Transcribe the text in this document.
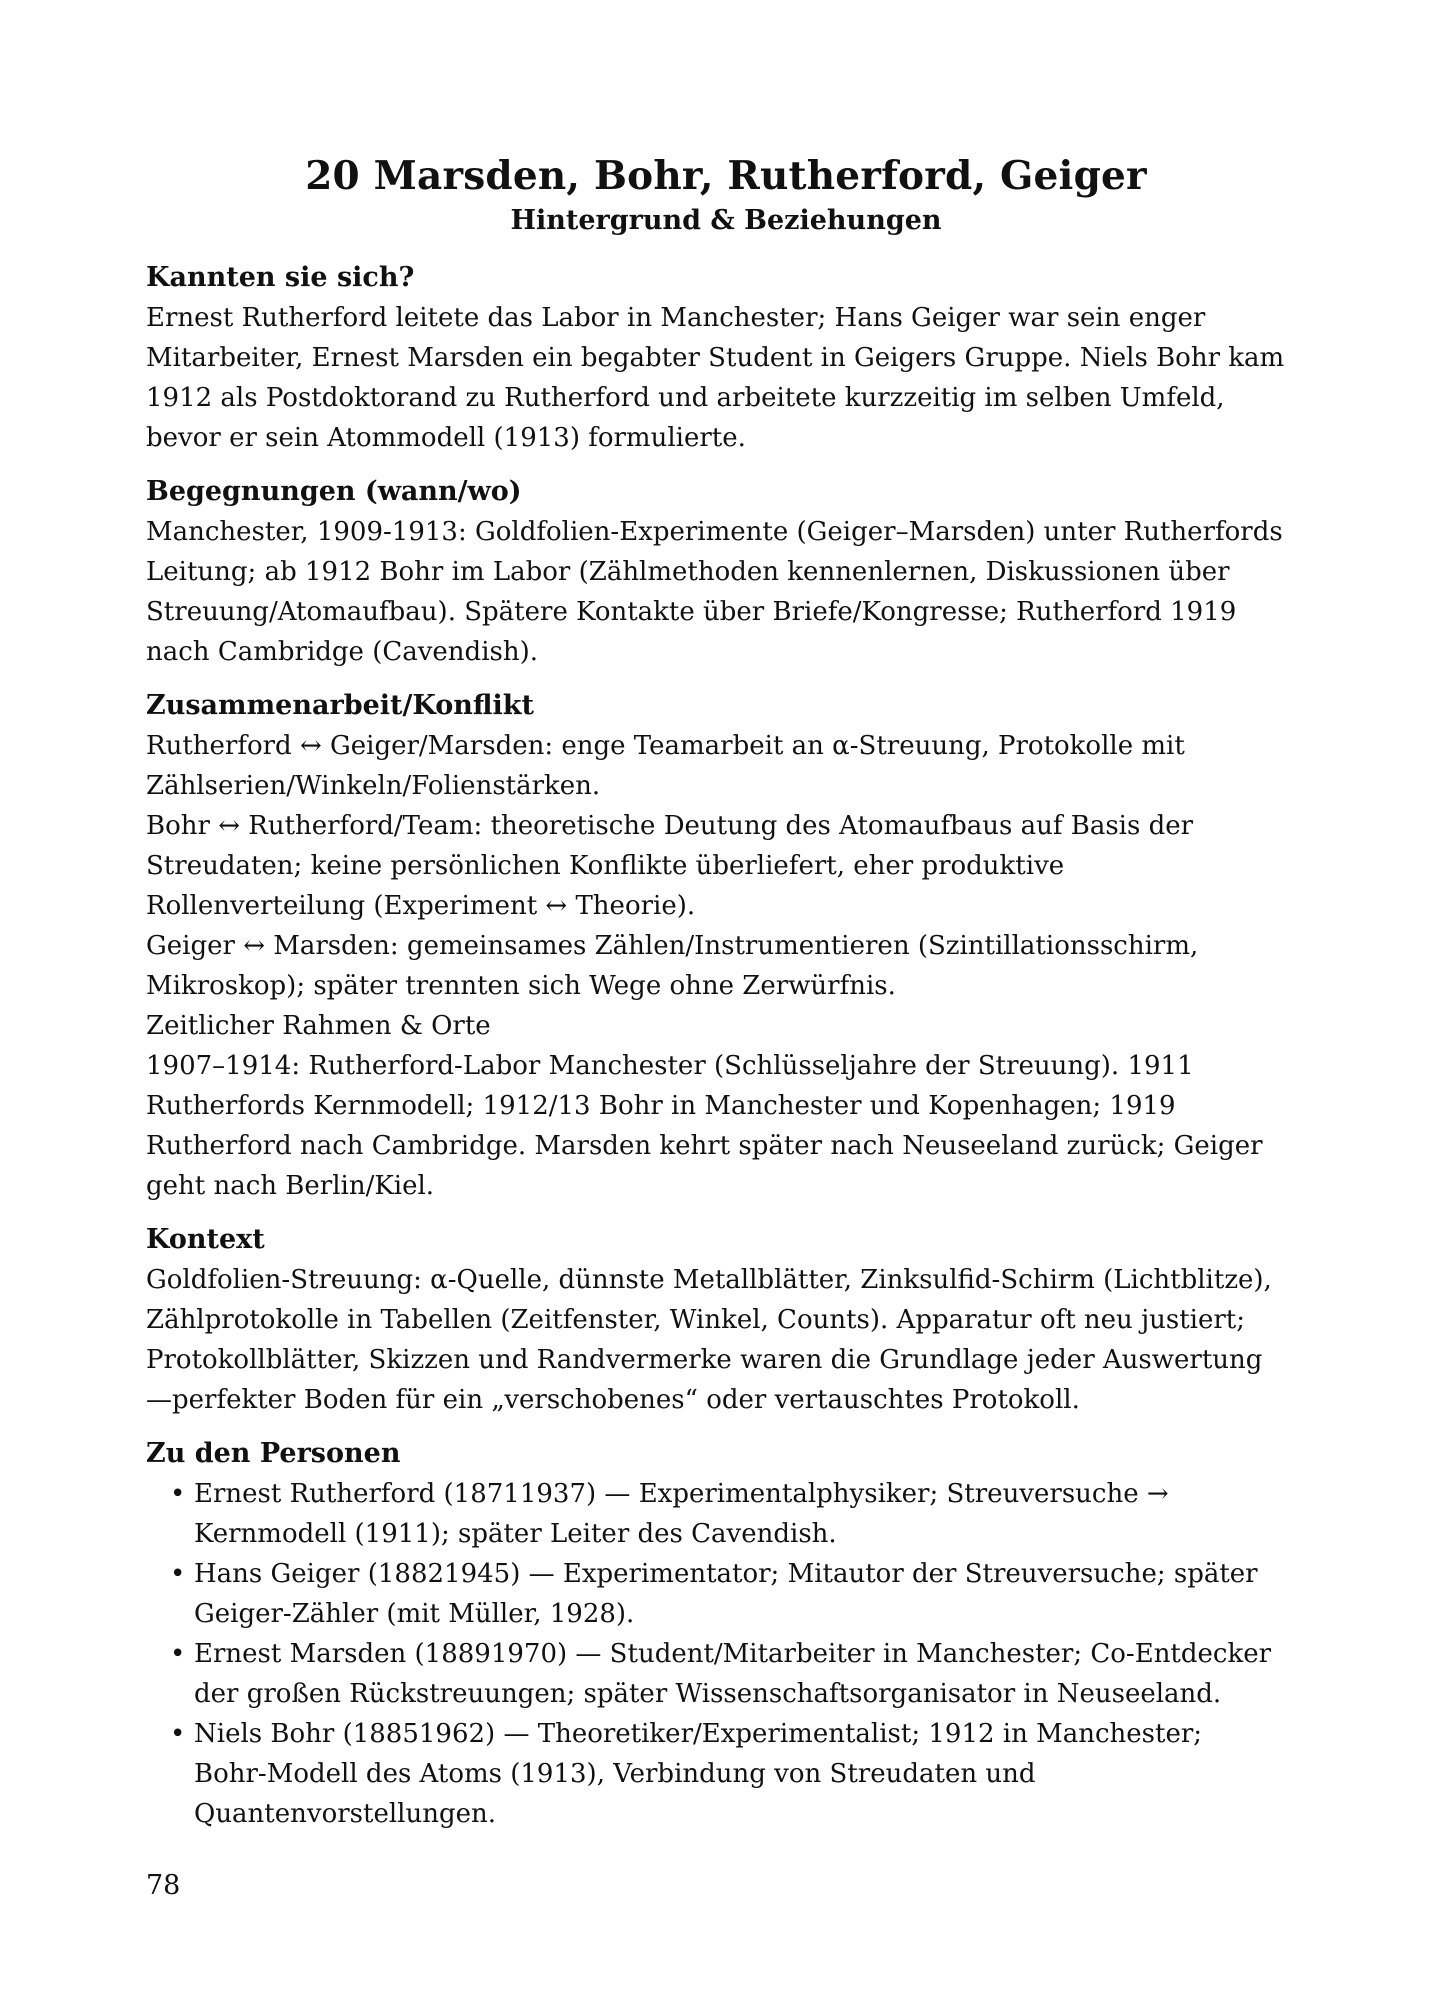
20 Marsden, Bohr, Rutherford, Geiger
Hintergrund & Beziehungen
Kannten sie sich?

Ernest Rutherford leitete das Labor in Manchester; Hans Geiger war sein enger Mitarbeiter, Ernest Marsden ein begabter Student in Geigers Gruppe. Niels Bohr kam 1912 als Postdoktorand zu Rutherford und arbeitete kurzzeitig im selben Umfeld, bevor er sein Atommodell (1913) formulierte.

Begegnungen (wann/wo)

Manchester, 1909-1913: Goldfolien-Experimente (Geiger–Marsden) unter Rutherfords Leitung; ab 1912 Bohr im Labor (Zählmethoden kennenlernen, Diskussionen über Streuung/Atomaufbau). Spätere Kontakte über Briefe/Kongresse; Rutherford 1919 nach Cambridge (Cavendish).

Zusammenarbeit/Konflikt

Rutherford ↔ Geiger/Marsden: enge Teamarbeit an α-Streuung, Protokolle mit Zählserien/Winkeln/Folienstärken.

Bohr ↔ Rutherford/Team: theoretische Deutung des Atomaufbaus auf Basis der Streudaten; keine persönlichen Konflikte überliefert, eher produktive Rollenverteilung (Experiment ↔ Theorie).

Geiger ↔ Marsden: gemeinsames Zählen/Instrumentieren (Szintillationsschirm, Mikroskop); später trennten sich Wege ohne Zerwürfnis.

Zeitlicher Rahmen & Orte

1907–1914: Rutherford-Labor Manchester (Schlüsseljahre der Streuung). 1911 Rutherfords Kernmodell; 1912/13 Bohr in Manchester und Kopenhagen; 1919 Rutherford nach Cambridge. Marsden kehrt später nach Neuseeland zurück; Geiger geht nach Berlin/Kiel.

Kontext

Goldfolien-Streuung: α-Quelle, dünnste Metallblätter, Zinksulfid-Schirm (Lichtblitze), Zählprotokolle in Tabellen (Zeitfenster, Winkel, Counts). Apparatur oft neu justiert; Protokollblätter, Skizzen und Randvermerke waren die Grundlage jeder Auswertung—perfekter Boden für ein „verschobenes“ oder vertauschtes Protokoll.

Zu den Personen
• Ernest Rutherford (18711937) — Experimentalphysiker; Streuversuche → Kernmodell (1911); später Leiter des Cavendish.
• Hans Geiger (18821945) — Experimentator; Mitautor der Streuversuche; später Geiger-Zähler (mit Müller, 1928).
• Ernest Marsden (18891970) — Student/Mitarbeiter in Manchester; Co-Entdecker der großen Rückstreuungen; später Wissenschaftsorganisator in Neuseeland.
• Niels Bohr (18851962) — Theoretiker/Experimentalist; 1912 in Manchester; Bohr-Modell des Atoms (1913), Verbindung von Streudaten und Quantenvorstellungen.
78
